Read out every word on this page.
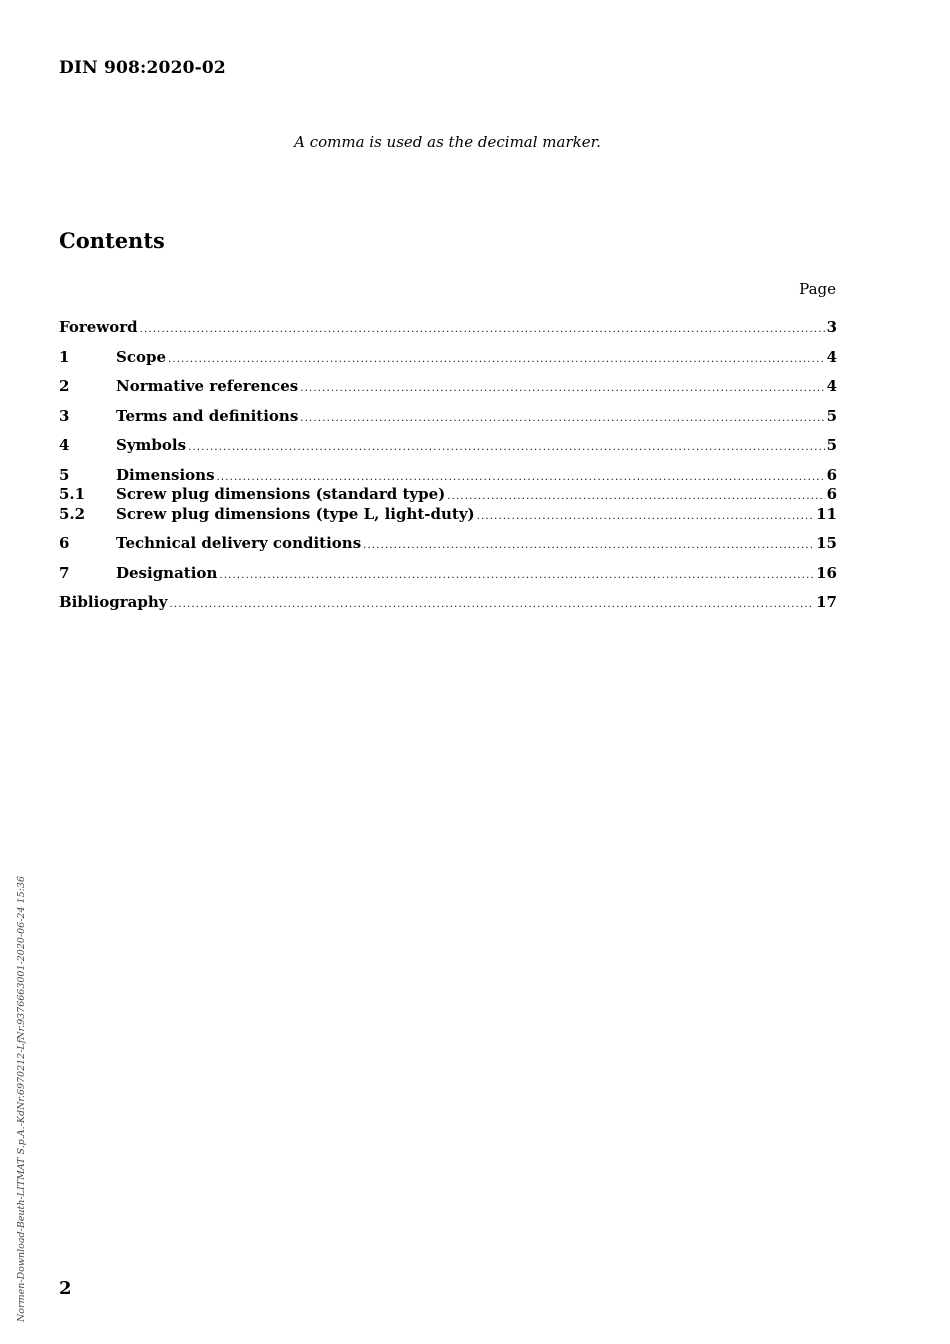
DIN 908:2020-02
A comma is used as the decimal marker.
Contents
Page
Foreword .....	3
1	Scope .....	4
2	Normative references .....	4
3	Terms and definitions .....	5
4	Symbols .....	5
5	Dimensions .....	6
5.1	Screw plug dimensions (standard type) .....	6
5.2	Screw plug dimensions (type L, light-duty) .....	11
6	Technical delivery conditions .....	15
7	Designation .....	16
Bibliography .....	17
Normen-Download-Beuth-LITMAT S.p.A.-KdNr.6970212-LfNr.9376663001-2020-06-24 15:36 2
